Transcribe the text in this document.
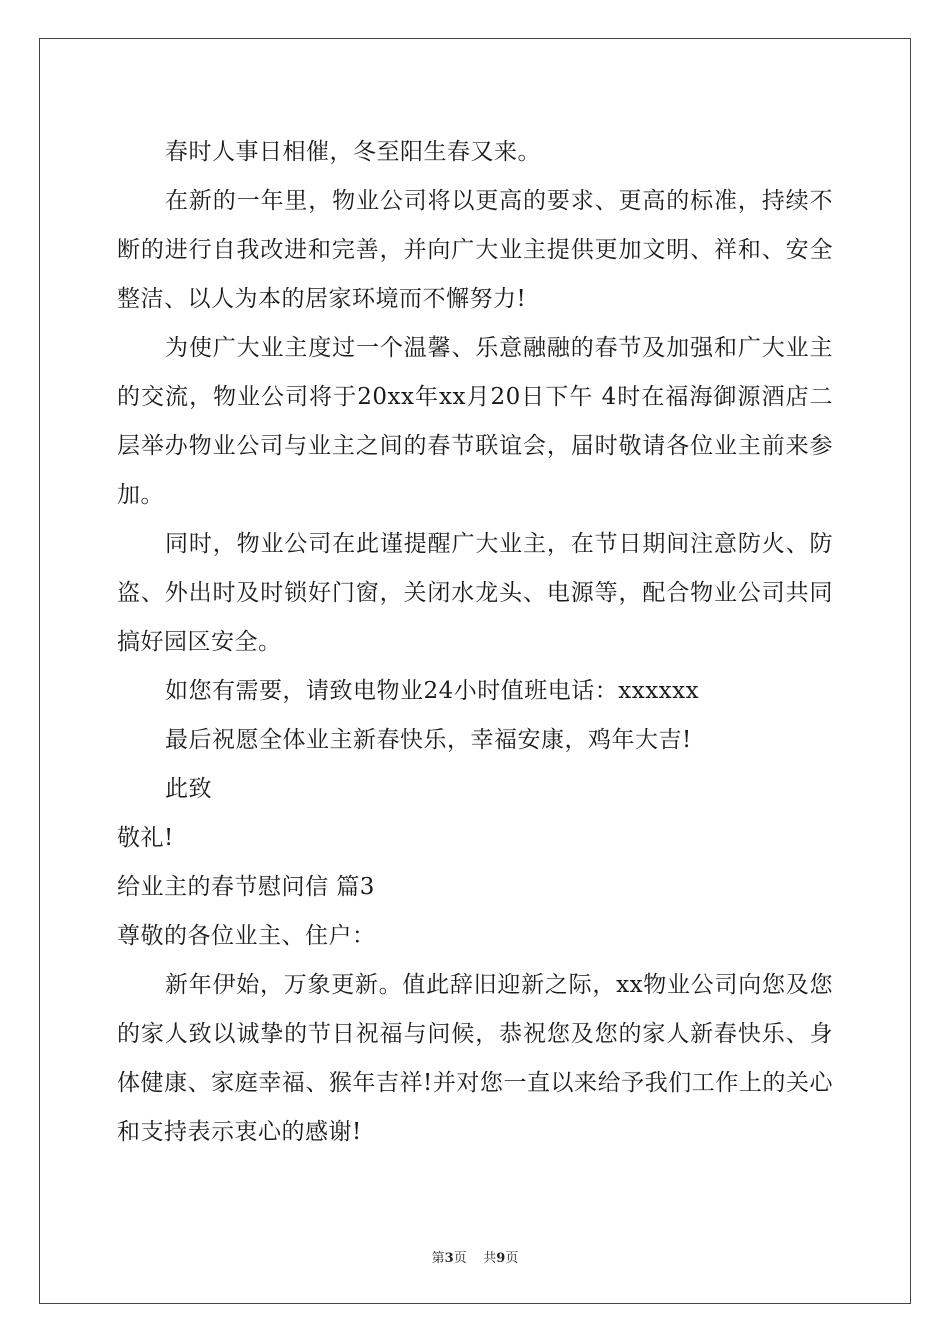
春时人事日相催，冬至阳生春又来。

在新的一年里，物业公司将以更高的要求、更高的标准，持续不断的进行自我改进和完善，并向广大业主提供更加文明、祥和、安全整洁、以人为本的居家环境而不懈努力!

为使广大业主度过一个温馨、乐意融融的春节及加强和广大业主的交流，物业公司将于20xx年xx月20日下午 4时在福海御源酒店二层举办物业公司与业主之间的春节联谊会，届时敬请各位业主前来参加。

同时，物业公司在此谨提醒广大业主，在节日期间注意防火、防盗、外出时及时锁好门窗，关闭水龙头、电源等，配合物业公司共同搞好园区安全。

如您有需要，请致电物业24小时值班电话：xxxxxx

最后祝愿全体业主新春快乐，幸福安康，鸡年大吉!

此致

敬礼!

给业主的春节慰问信 篇3

尊敬的各位业主、住户：

新年伊始，万象更新。值此辞旧迎新之际，xx物业公司向您及您的家人致以诚挚的节日祝福与问候，恭祝您及您的家人新春快乐、身体健康、家庭幸福、猴年吉祥!并对您一直以来给予我们工作上的关心和支持表示衷心的感谢!

第3页 共9页
